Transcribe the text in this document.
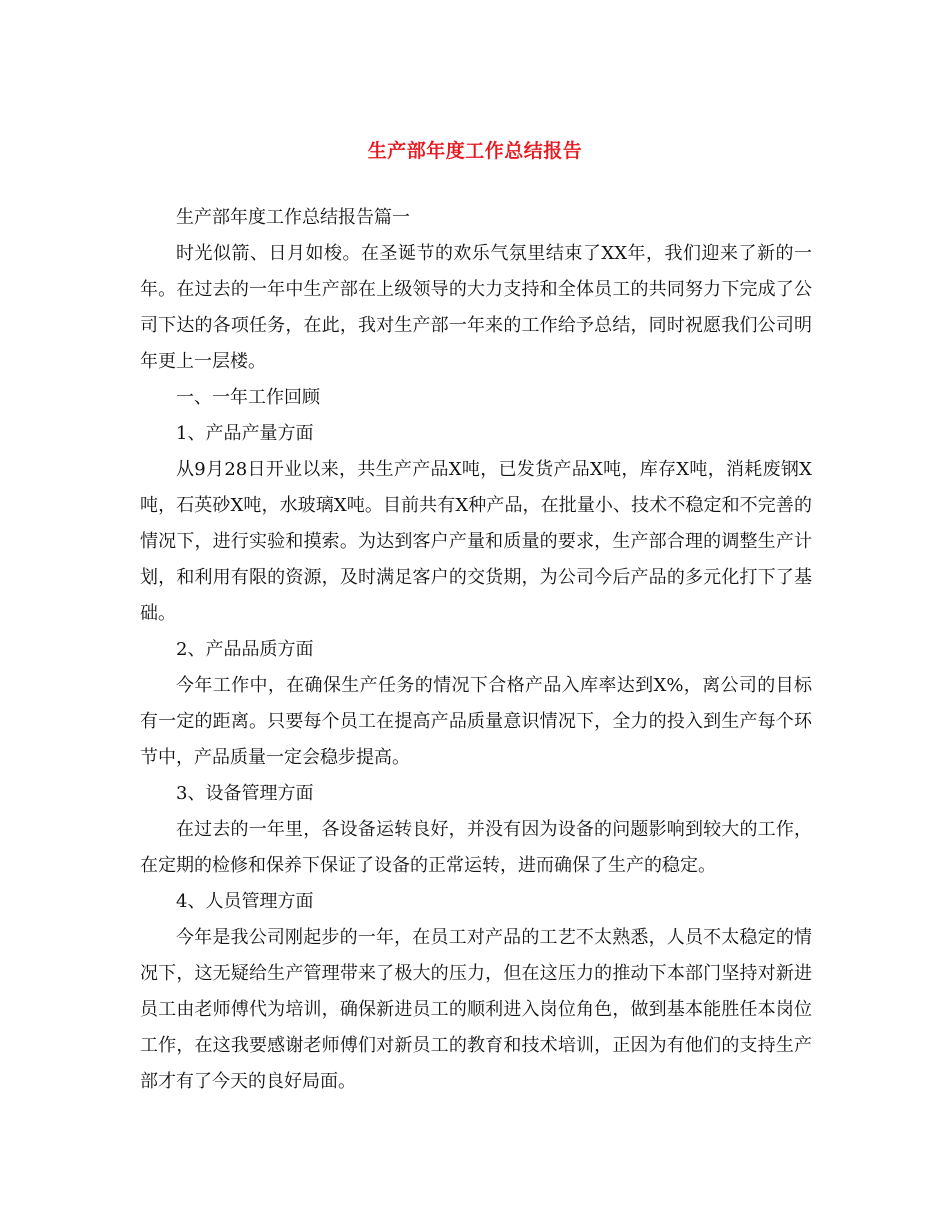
生产部年度工作总结报告

生产部年度工作总结报告篇一

时光似箭、日月如梭。在圣诞节的欢乐气氛里结束了XX年，我们迎来了新的一年。在过去的一年中生产部在上级领导的大力支持和全体员工的共同努力下完成了公司下达的各项任务，在此，我对生产部一年来的工作给予总结，同时祝愿我们公司明年更上一层楼。

一、一年工作回顾

1、产品产量方面

从9月28日开业以来，共生产产品X吨，已发货产品X吨，库存X吨，消耗废钢X吨，石英砂X吨，水玻璃X吨。目前共有X种产品，在批量小、技术不稳定和不完善的情况下，进行实验和摸索。为达到客户产量和质量的要求，生产部合理的调整生产计划，和利用有限的资源，及时满足客户的交货期，为公司今后产品的多元化打下了基础。

2、产品品质方面

今年工作中，在确保生产任务的情况下合格产品入库率达到X%，离公司的目标有一定的距离。只要每个员工在提高产品质量意识情况下，全力的投入到生产每个环节中，产品质量一定会稳步提高。

3、设备管理方面

在过去的一年里，各设备运转良好，并没有因为设备的问题影响到较大的工作，在定期的检修和保养下保证了设备的正常运转，进而确保了生产的稳定。

4、人员管理方面

今年是我公司刚起步的一年，在员工对产品的工艺不太熟悉，人员不太稳定的情况下，这无疑给生产管理带来了极大的压力，但在这压力的推动下本部门坚持对新进员工由老师傅代为培训，确保新进员工的顺利进入岗位角色，做到基本能胜任本岗位工作，在这我要感谢老师傅们对新员工的教育和技术培训，正因为有他们的支持生产部才有了今天的良好局面。
